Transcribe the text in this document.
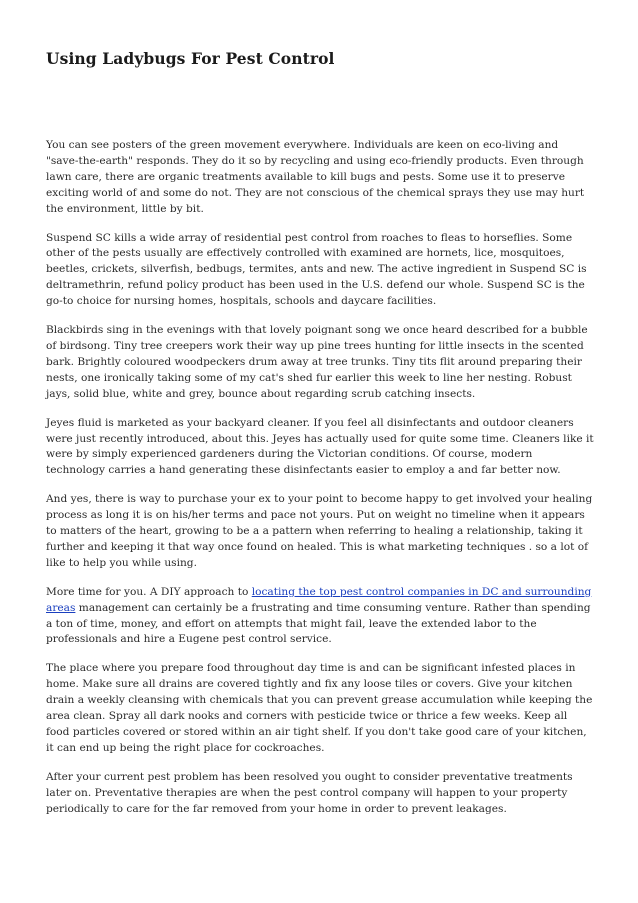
Using Ladybugs For Pest Control

You can see posters of the green movement everywhere. Individuals are keen on eco-living and "save-the-earth" responds. They do it so by recycling and using eco-friendly products. Even through lawn care, there are organic treatments available to kill bugs and pests. Some use it to preserve exciting world of and some do not. They are not conscious of the chemical sprays they use may hurt the environment, little by bit.

Suspend SC kills a wide array of residential pest control from roaches to fleas to horseflies. Some other of the pests usually are effectively controlled with examined are hornets, lice, mosquitoes, beetles, crickets, silverfish, bedbugs, termites, ants and new. The active ingredient in Suspend SC is deltramethrin, refund policy product has been used in the U.S. defend our whole. Suspend SC is the go-to choice for nursing homes, hospitals, schools and daycare facilities.

Blackbirds sing in the evenings with that lovely poignant song we once heard described for a bubble of birdsong. Tiny tree creepers work their way up pine trees hunting for little insects in the scented bark. Brightly coloured woodpeckers drum away at tree trunks. Tiny tits flit around preparing their nests, one ironically taking some of my cat's shed fur earlier this week to line her nesting. Robust jays, solid blue, white and grey, bounce about regarding scrub catching insects.

Jeyes fluid is marketed as your backyard cleaner. If you feel all disinfectants and outdoor cleaners were just recently introduced, about this. Jeyes has actually used for quite some time. Cleaners like it were by simply experienced gardeners during the Victorian conditions. Of course, modern technology carries a hand generating these disinfectants easier to employ a and far better now.

And yes, there is way to purchase your ex to your point to become happy to get involved your healing process as long it is on his/her terms and pace not yours. Put on weight no timeline when it appears to matters of the heart, growing to be a a pattern when referring to healing a relationship, taking it further and keeping it that way once found on healed. This is what marketing techniques . so a lot of like to help you while using.

More time for you. A DIY approach to locating the top pest control companies in DC and surrounding areas management can certainly be a frustrating and time consuming venture. Rather than spending a ton of time, money, and effort on attempts that might fail, leave the extended labor to the professionals and hire a Eugene pest control service.

The place where you prepare food throughout day time is and can be significant infested places in home. Make sure all drains are covered tightly and fix any loose tiles or covers. Give your kitchen drain a weekly cleansing with chemicals that you can prevent grease accumulation while keeping the area clean. Spray all dark nooks and corners with pesticide twice or thrice a few weeks. Keep all food particles covered or stored within an air tight shelf. If you don't take good care of your kitchen, it can end up being the right place for cockroaches.

After your current pest problem has been resolved you ought to consider preventative treatments later on. Preventative therapies are when the pest control company will happen to your property periodically to care for the far removed from your home in order to prevent leakages.
